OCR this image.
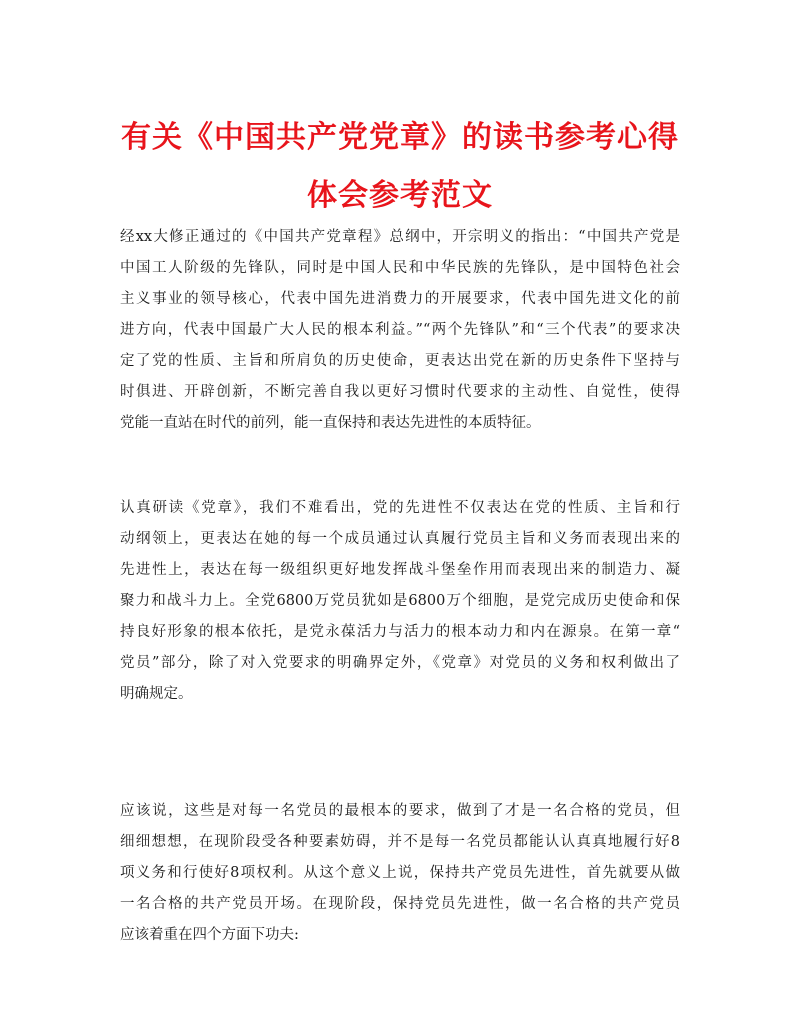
有关《中国共产党党章》的读书参考心得
体会参考范文
经xx大修正通过的《中国共产党章程》总纲中，开宗明义的指出：“中国共产党是
中国工人阶级的先锋队，同时是中国人民和中华民族的先锋队，是中国特色社会
主义事业的领导核心，代表中国先进消费力的开展要求，代表中国先进文化的前
进方向，代表中国最广大人民的根本利益。”“两个先锋队”和“三个代表”的要求决
定了党的性质、主旨和所肩负的历史使命，更表达出党在新的历史条件下坚持与
时俱进、开辟创新，不断完善自我以更好习惯时代要求的主动性、自觉性，使得
党能一直站在时代的前列，能一直保持和表达先进性的本质特征。
认真研读《党章》，我们不难看出，党的先进性不仅表达在党的性质、主旨和行
动纲领上，更表达在她的每一个成员通过认真履行党员主旨和义务而表现出来的
先进性上，表达在每一级组织更好地发挥战斗堡垒作用而表现出来的制造力、凝
聚力和战斗力上。全党6800万党员犹如是6800万个细胞，是党完成历史使命和保
持良好形象的根本依托，是党永葆活力与活力的根本动力和内在源泉。在第一章“
党员”部分，除了对入党要求的明确界定外，《党章》对党员的义务和权利做出了
明确规定。
应该说，这些是对每一名党员的最根本的要求，做到了才是一名合格的党员，但
细细想想，在现阶段受各种要素妨碍，并不是每一名党员都能认认真真地履行好8
项义务和行使好8项权利。从这个意义上说，保持共产党员先进性，首先就要从做
一名合格的共产党员开场。在现阶段，保持党员先进性，做一名合格的共产党员
应该着重在四个方面下功夫:
